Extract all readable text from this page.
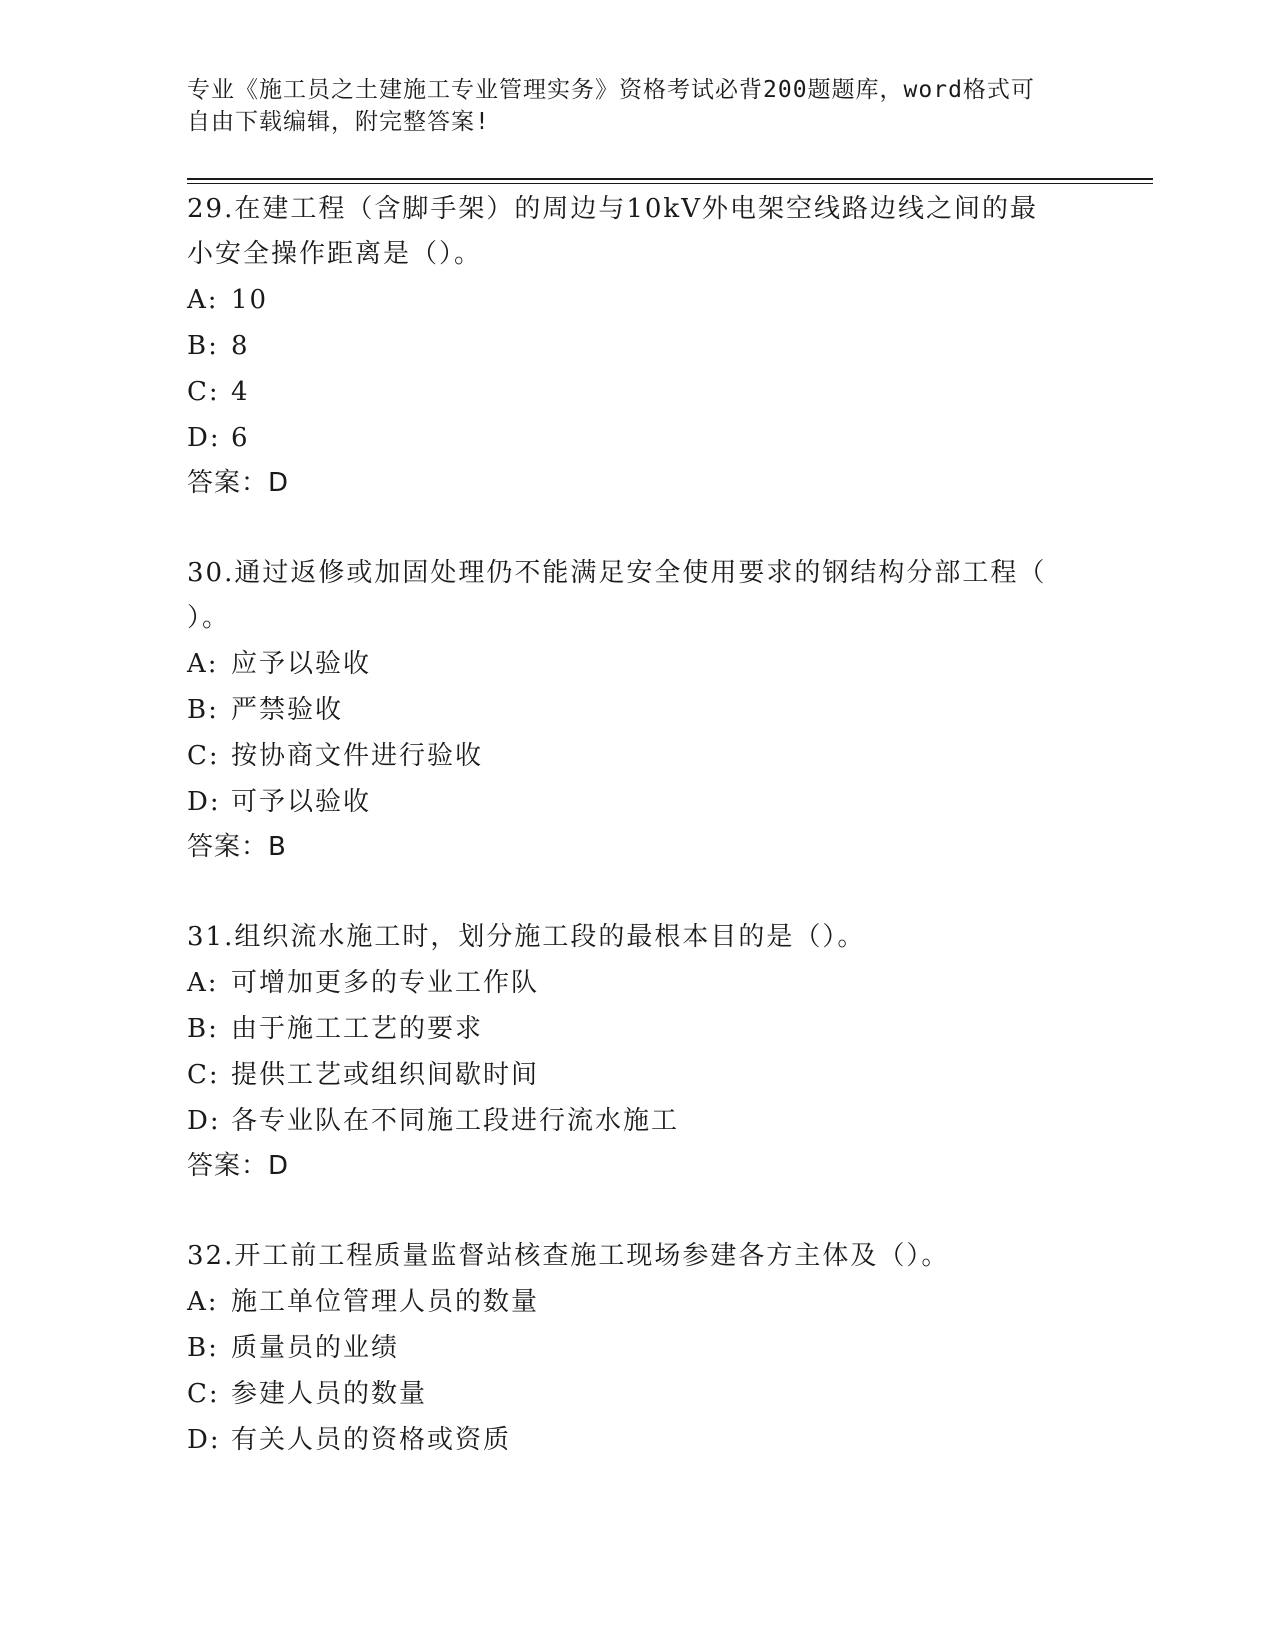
专业《施工员之土建施工专业管理实务》资格考试必背200题题库，word格式可
自由下载编辑，附完整答案!

29.在建工程（含脚手架）的周边与10kV外电架空线路边线之间的最
小安全操作距离是（）。

A: 10

B: 8

C: 4

D: 6

答案：D

30.通过返修或加固处理仍不能满足安全使用要求的钢结构分部工程（
）。

A: 应予以验收

B: 严禁验收

C: 按协商文件进行验收

D: 可予以验收

答案：B

31.组织流水施工时，划分施工段的最根本目的是（）。

A: 可增加更多的专业工作队

B: 由于施工工艺的要求

C: 提供工艺或组织间歇时间

D: 各专业队在不同施工段进行流水施工

答案：D

32.开工前工程质量监督站核查施工现场参建各方主体及（）。

A: 施工单位管理人员的数量

B: 质量员的业绩

C: 参建人员的数量

D: 有关人员的资格或资质
